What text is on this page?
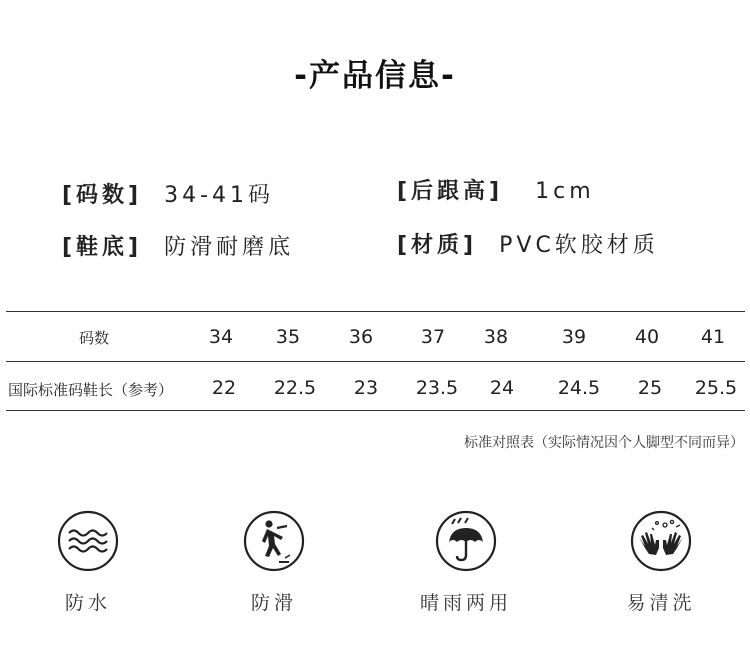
-产品信息-
[码数] 34-41码	[后跟高] 1cm
[鞋底] 防滑耐磨底	[材质] PVC软胶材质
码数	34	35	36	37	38	39	40	41
国际标准码鞋长（参考）	22	22.5	23	23.5	24	24.5	25	25.5
标准对照表（实际情况因个人脚型不同而异）
防水	防滑	晴雨两用	易清洗
